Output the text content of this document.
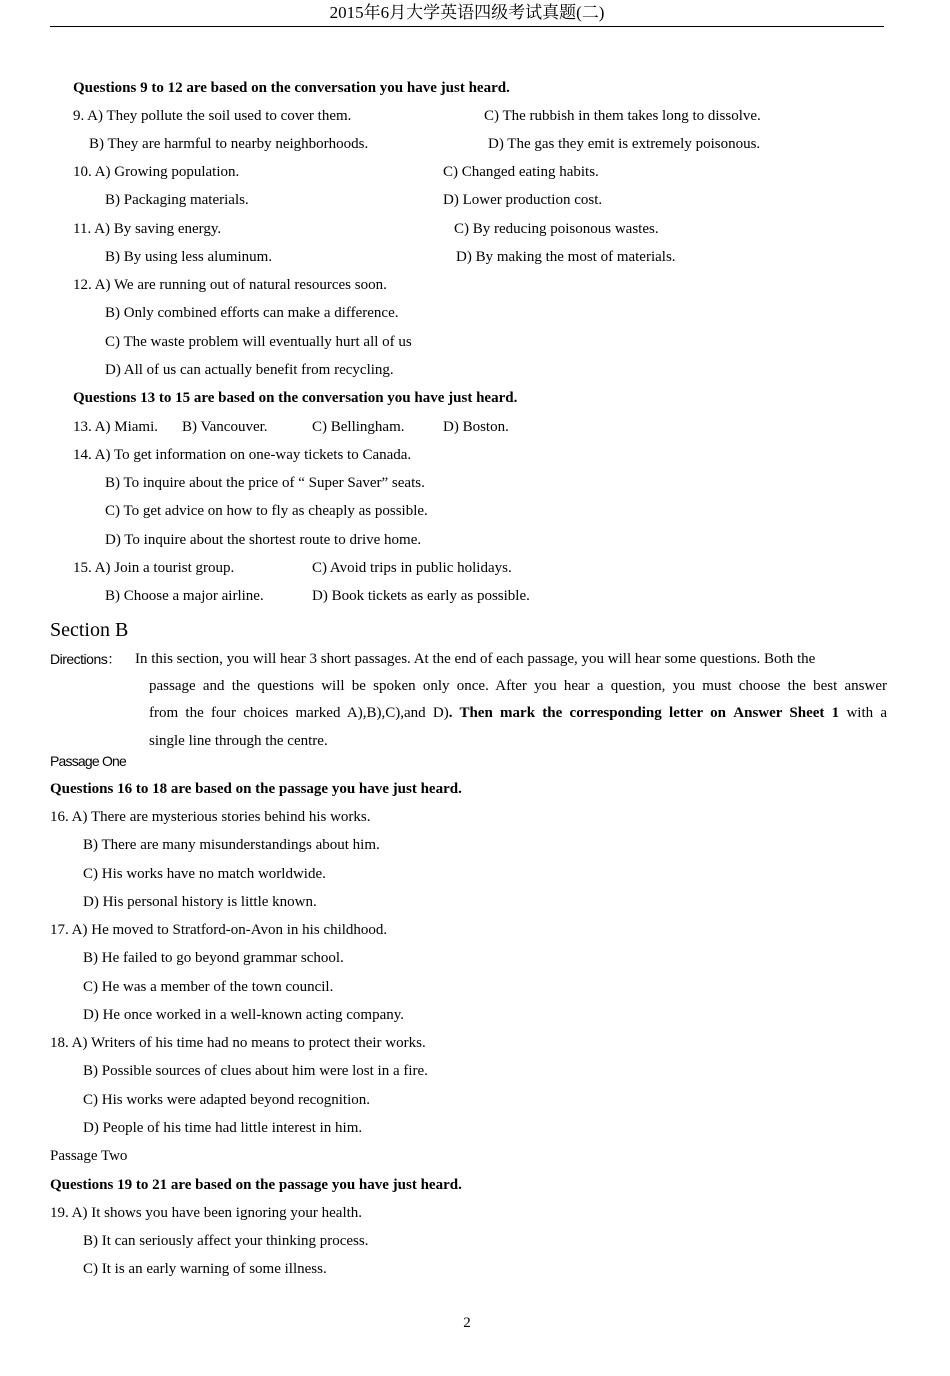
2015年6月大学英语四级考试真题(二)
Questions 9 to 12 are based on the conversation you have just heard.
9. A) They pollute the soil used to cover them.	C) The rubbish in them takes long to dissolve.
B) They are harmful to nearby neighborhoods.	D) The gas they emit is extremely poisonous.
10. A) Growing population.	C) Changed eating habits.
B) Packaging materials.	D) Lower production cost.
11. A) By saving energy.	C) By reducing poisonous wastes.
B) By using less aluminum.	D) By making the most of materials.
12. A) We are running out of natural resources soon.
B) Only combined efforts can make a difference.
C) The waste problem will eventually hurt all of us
D) All of us can actually benefit from recycling.
Questions 13 to 15 are based on the conversation you have just heard.
13. A) Miami. B) Vancouver.	C) Bellingham.	D) Boston.
14. A) To get information on one-way tickets to Canada.
B) To inquire about the price of “ Super Saver” seats.
C) To get advice on how to fly as cheaply as possible.
D) To inquire about the shortest route to drive home.
15. A) Join a tourist group.	C) Avoid trips in public holidays.
B) Choose a major airline.	D) Book tickets as early as possible.
Section B
Directions： In this section, you will hear 3 short passages. At the end of each passage, you will hear some questions. Both the
passage and the questions will be spoken only once. After you hear a question, you must choose the best answer
from the four choices marked A),B),C),and D). Then mark the corresponding letter on Answer Sheet 1 with a
single line through the centre.
Passage One
Questions 16 to 18 are based on the passage you have just heard.
16. A) There are mysterious stories behind his works.
B) There are many misunderstandings about him.
C) His works have no match worldwide.
D) His personal history is little known.
17. A) He moved to Stratford-on-Avon in his childhood.
B) He failed to go beyond grammar school.
C) He was a member of the town council.
D) He once worked in a well-known acting company.
18. A) Writers of his time had no means to protect their works.
B) Possible sources of clues about him were lost in a fire.
C) His works were adapted beyond recognition.
D) People of his time had little interest in him.
Passage Two
Questions 19 to 21 are based on the passage you have just heard.
19. A) It shows you have been ignoring your health.
B) It can seriously affect your thinking process.
C) It is an early warning of some illness.
2
